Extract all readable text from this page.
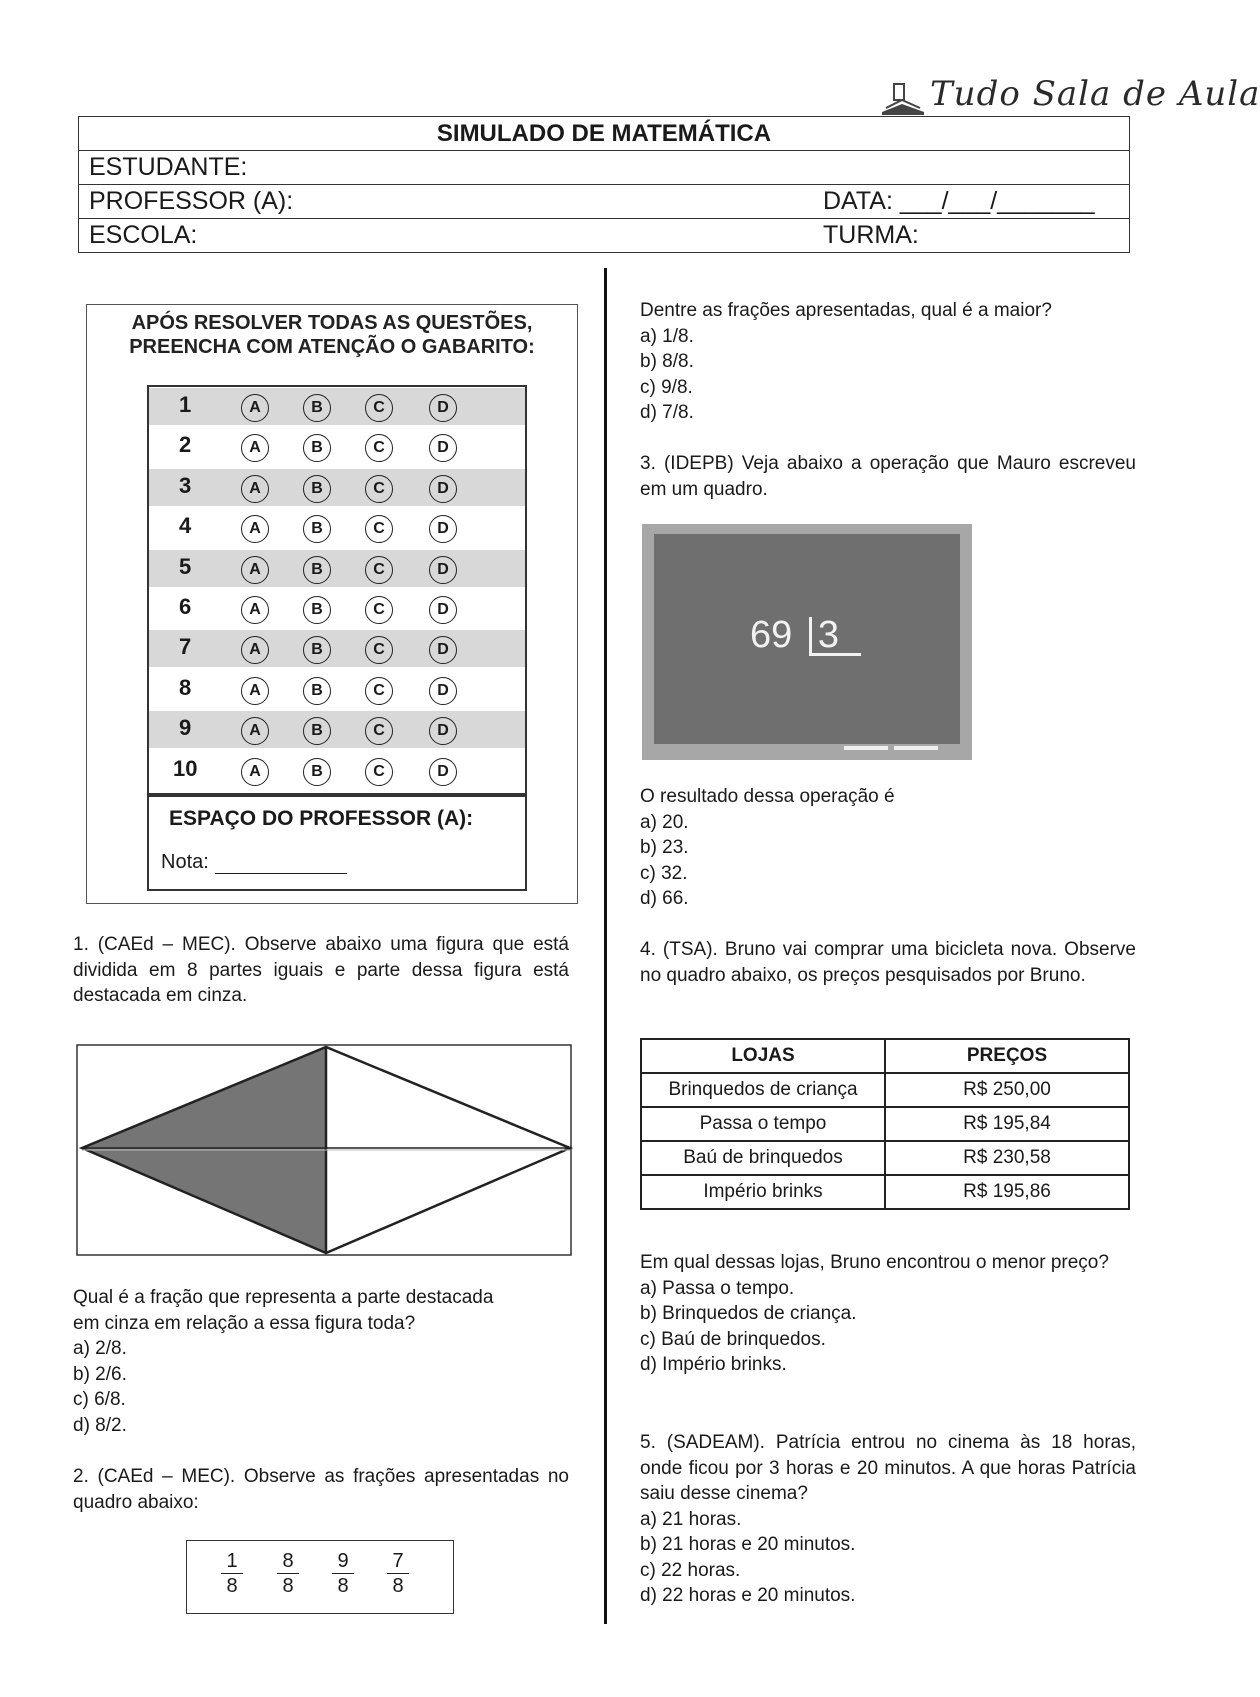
Tudo Sala de Aula
SIMULADO DE MATEMÁTICA
ESTUDANTE:
PROFESSOR (A):	DATA: ___/___/_______
ESCOLA:	TURMA:
APÓS RESOLVER TODAS AS QUESTÕES,
PREENCHA COM ATENÇÃO O GABARITO:
1	A	B	C	D
2	A	B	C	D
3	A	B	C	D
4	A	B	C	D
5	A	B	C	D
6	A	B	C	D
7	A	B	C	D
8	A	B	C	D
9	A	B	C	D
10	A	B	C	D
ESPAÇO DO PROFESSOR (A):
Nota:
1. (CAEd – MEC). Observe abaixo uma figura que está dividida em 8 partes iguais e parte dessa figura está destacada em cinza.
Qual é a fração que representa a parte destacada
em cinza em relação a essa figura toda?
a) 2/8.
b) 2/6.
c) 6/8.
d) 8/2.
2. (CAEd – MEC). Observe as frações apresentadas no quadro abaixo:
$\frac{1}{8} \frac{8}{8} \frac{9}{8} \frac{7}{8}$
Dentre as frações apresentadas, qual é a maior?
a) 1/8.
b) 8/8.
c) 9/8.
d) 7/8.
3. (IDEPB) Veja abaixo a operação que Mauro escreveu em um quadro.
69 3
O resultado dessa operação é
a) 20.
b) 23.
c) 32.
d) 66.
4. (TSA). Bruno vai comprar uma bicicleta nova. Observe no quadro abaixo, os preços pesquisados por Bruno.
LOJAS	PREÇOS
Brinquedos de criança	R$ 250,00
Passa o tempo	R$ 195,84
Baú de brinquedos	R$ 230,58
Império brinks	R$ 195,86
Em qual dessas lojas, Bruno encontrou o menor preço?
a) Passa o tempo.
b) Brinquedos de criança.
c) Baú de brinquedos.
d) Império brinks.
5. (SADEAM). Patrícia entrou no cinema às 18 horas, onde ficou por 3 horas e 20 minutos. A que horas Patrícia saiu desse cinema?
a) 21 horas.
b) 21 horas e 20 minutos.
c) 22 horas.
d) 22 horas e 20 minutos.
